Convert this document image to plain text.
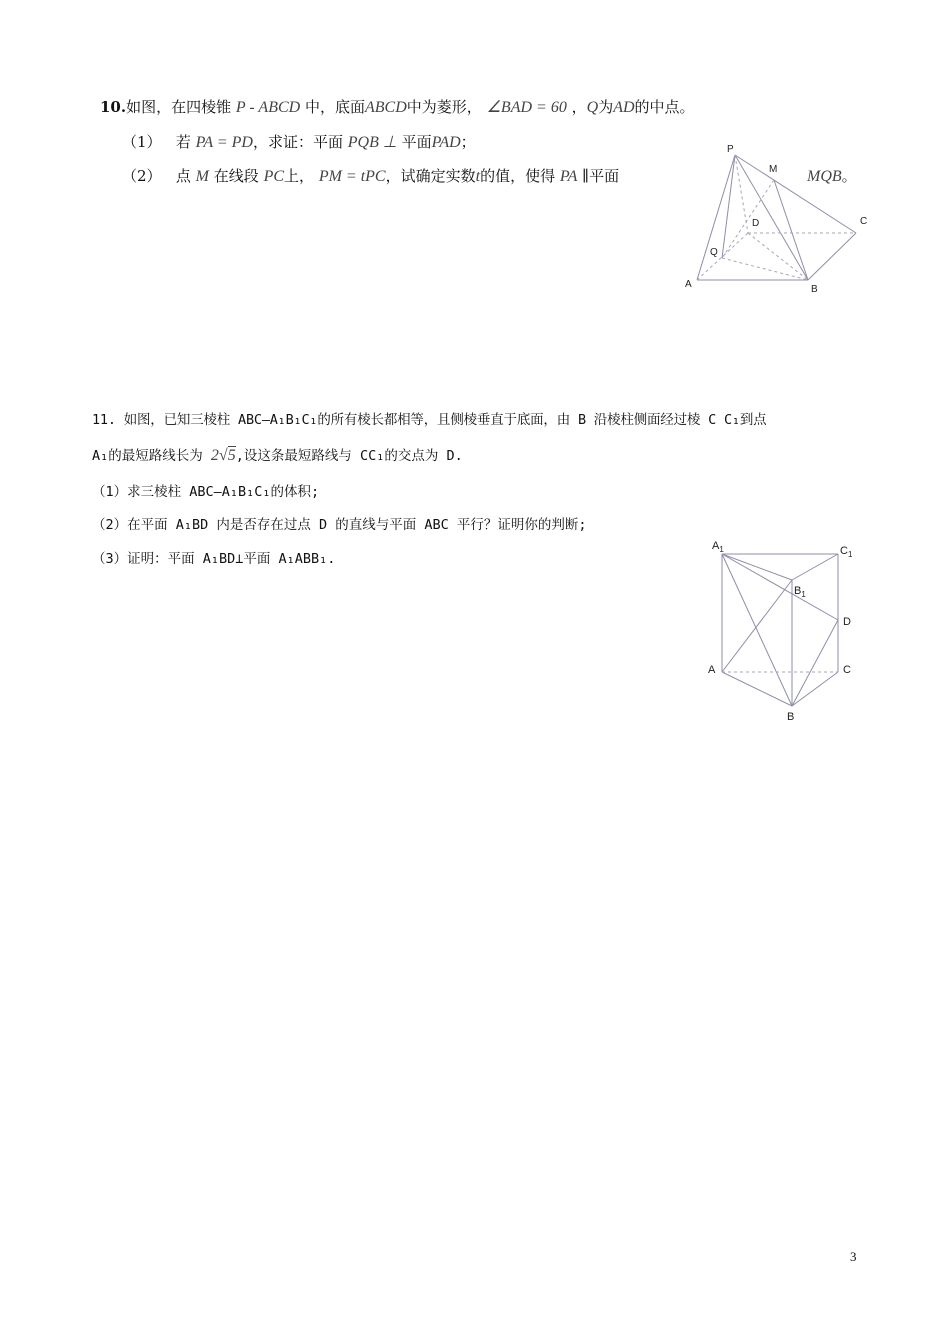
10.如图，在四棱锥 P - ABCD 中，底面ABCD中为菱形， ∠BAD = 60 ，Q为AD的中点。
（1） 若 PA = PD，求证：平面 PQB ⊥ 平面PAD；
（2） 点 M 在线段 PC上， PM = tPC，试确定实数t的值，使得 PA ∥平面	MQB。
P
M
D	C
Q
A	B
11. 如图，已知三棱柱 ABC—A₁B₁C₁的所有棱长都相等，且侧棱垂直于底面，由 B 沿棱柱侧面经过棱 C C₁到点
A₁的最短路线长为 2√5,设这条最短路线与 CC₁的交点为 D.
（1）求三棱柱 ABC—A₁B₁C₁的体积;
（2）在平面 A₁BD 内是否存在过点 D 的直线与平面 ABC 平行？证明你的判断;
（3）证明：平面 A₁BD⊥平面 A₁ABB₁.
$A_1$	$C_1$
$B_1$
D
A	C
B
3
